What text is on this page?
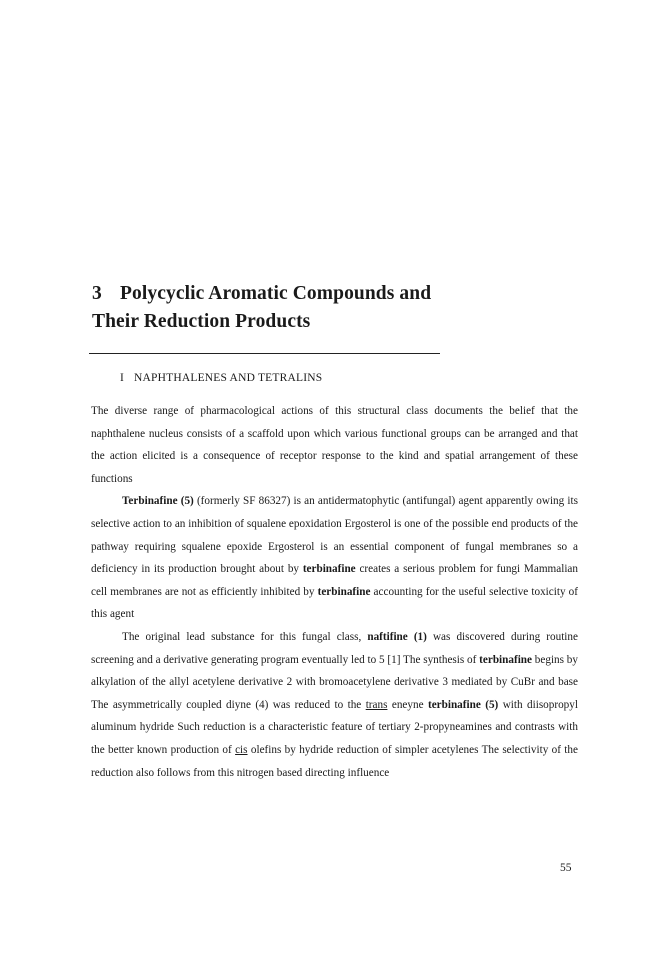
3 Polycyclic Aromatic Compounds and
Their Reduction Products
I NAPHTHALENES AND TETRALINS

The diverse range of pharmacological actions of this structural class documents the belief that the naphthalene nucleus consists of a scaffold upon which various functional groups can be arranged and that the action elicited is a consequence of receptor response to the kind and spatial arrangement of these functions

Terbinafine (5) (formerly SF 86327) is an antidermatophytic (antifungal) agent apparently owing its selective action to an inhibition of squalene epoxidation Ergosterol is one of the possible end products of the pathway requiring squalene epoxide Ergosterol is an essential component of fungal membranes so a deficiency in its production brought about by terbinafine creates a serious problem for fungi Mammalian cell membranes are not as efficiently inhibited by terbinafine accounting for the useful selective toxicity of this agent

The original lead substance for this fungal class, naftifine (1) was discovered during routine screening and a derivative generating program eventually led to 5 [1] The synthesis of terbinafine begins by alkylation of the allyl acetylene derivative 2 with bromoacetylene derivative 3 mediated by CuBr and base The asymmetrically coupled diyne (4) was reduced to the trans eneyne terbinafine (5) with diisopropyl aluminum hydride Such reduction is a characteristic feature of tertiary 2-propyneamines and contrasts with the better known production of cis olefins by hydride reduction of simpler acetylenes The selectivity of the reduction also follows from this nitrogen based directing influence

55
